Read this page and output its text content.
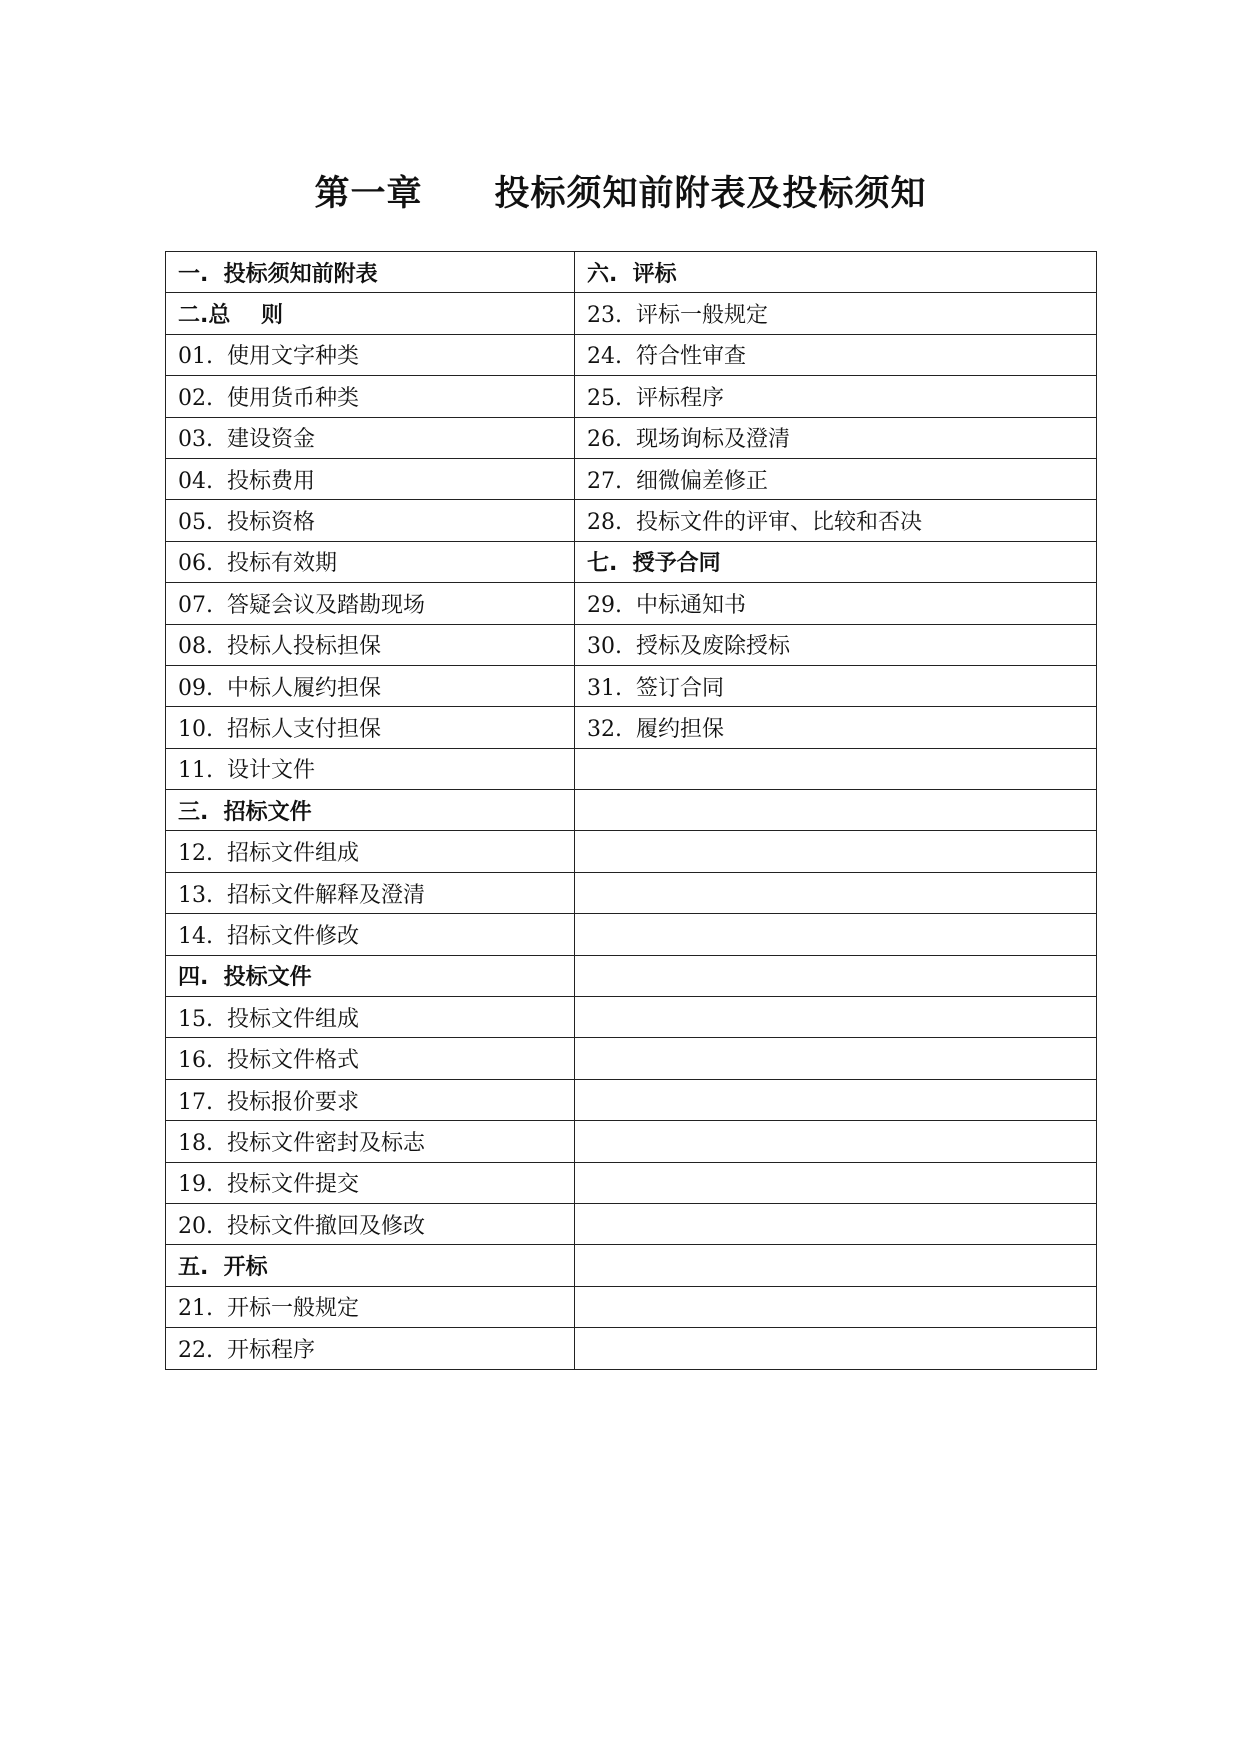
第一章　　投标须知前附表及投标须知
一.  投标须知前附表	六.  评标
二.总    则	23.  评标一般规定
01.  使用文字种类	24.  符合性审查
02.  使用货币种类	25.  评标程序
03.  建设资金	26.  现场询标及澄清
04.  投标费用	27.  细微偏差修正
05.  投标资格	28.  投标文件的评审、比较和否决
06.  投标有效期	七.  授予合同
07.  答疑会议及踏勘现场	29.  中标通知书
08.  投标人投标担保	30.  授标及废除授标
09.  中标人履约担保	31.  签订合同
10.  招标人支付担保	32.  履约担保
11.  设计文件	
三.  招标文件	
12.  招标文件组成	
13.  招标文件解释及澄清	
14.  招标文件修改	
四.  投标文件	
15.  投标文件组成	
16.  投标文件格式	
17.  投标报价要求	
18.  投标文件密封及标志	
19.  投标文件提交	
20.  投标文件撤回及修改	
五.  开标	
21.  开标一般规定	
22.  开标程序	
